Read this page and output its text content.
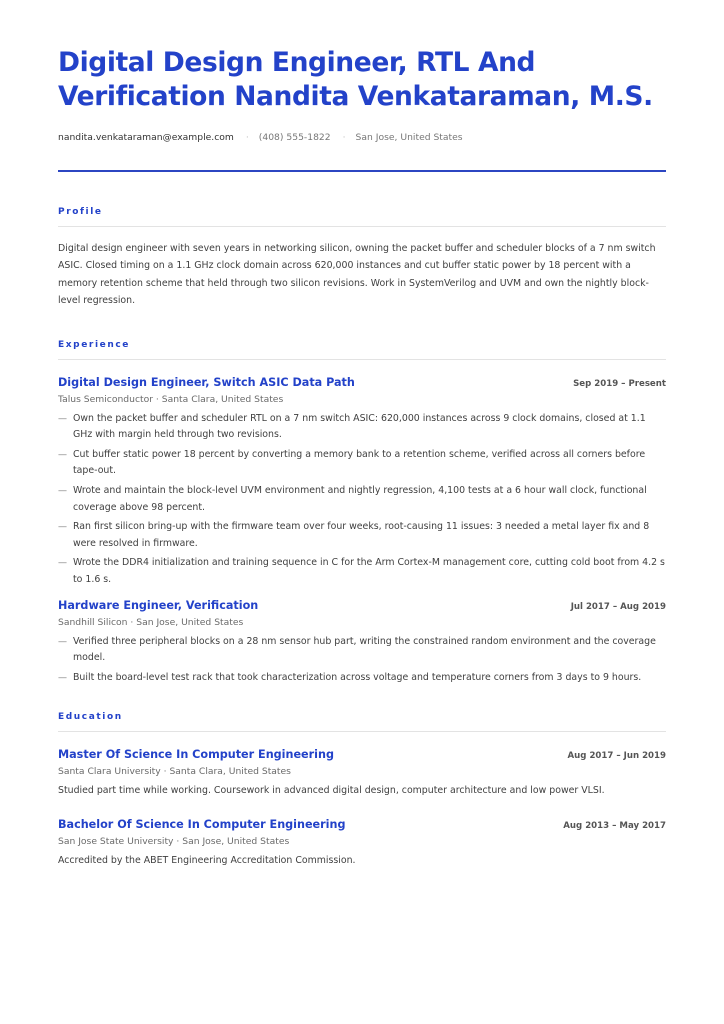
Digital Design Engineer, RTL And
Verification Nandita Venkataraman, M.S.
nandita.venkataraman@example.com · (408) 555-1822 · San Jose, United States
Profile
Digital design engineer with seven years in networking silicon, owning the packet buffer and scheduler blocks of a 7 nm switch ASIC. Closed timing on a 1.1 GHz clock domain across 620,000 instances and cut buffer static power by 18 percent with a memory retention scheme that held through two silicon revisions. Work in SystemVerilog and UVM and own the nightly block-level regression.
Experience
Digital Design Engineer, Switch ASIC Data Path	Sep 2019 – Present
Talus Semiconductor · Santa Clara, United States
— Own the packet buffer and scheduler RTL on a 7 nm switch ASIC: 620,000 instances across 9 clock domains, closed at 1.1 GHz with margin held through two revisions.
— Cut buffer static power 18 percent by converting a memory bank to a retention scheme, verified across all corners before tape-out.
— Wrote and maintain the block-level UVM environment and nightly regression, 4,100 tests at a 6 hour wall clock, functional coverage above 98 percent.
— Ran first silicon bring-up with the firmware team over four weeks, root-causing 11 issues: 3 needed a metal layer fix and 8 were resolved in firmware.
— Wrote the DDR4 initialization and training sequence in C for the Arm Cortex-M management core, cutting cold boot from 4.2 s to 1.6 s.
Hardware Engineer, Verification	Jul 2017 – Aug 2019
Sandhill Silicon · San Jose, United States
— Verified three peripheral blocks on a 28 nm sensor hub part, writing the constrained random environment and the coverage model.
— Built the board-level test rack that took characterization across voltage and temperature corners from 3 days to 9 hours.
Education
Master Of Science In Computer Engineering	Aug 2017 – Jun 2019
Santa Clara University · Santa Clara, United States
Studied part time while working. Coursework in advanced digital design, computer architecture and low power VLSI.
Bachelor Of Science In Computer Engineering	Aug 2013 – May 2017
San Jose State University · San Jose, United States
Accredited by the ABET Engineering Accreditation Commission.
